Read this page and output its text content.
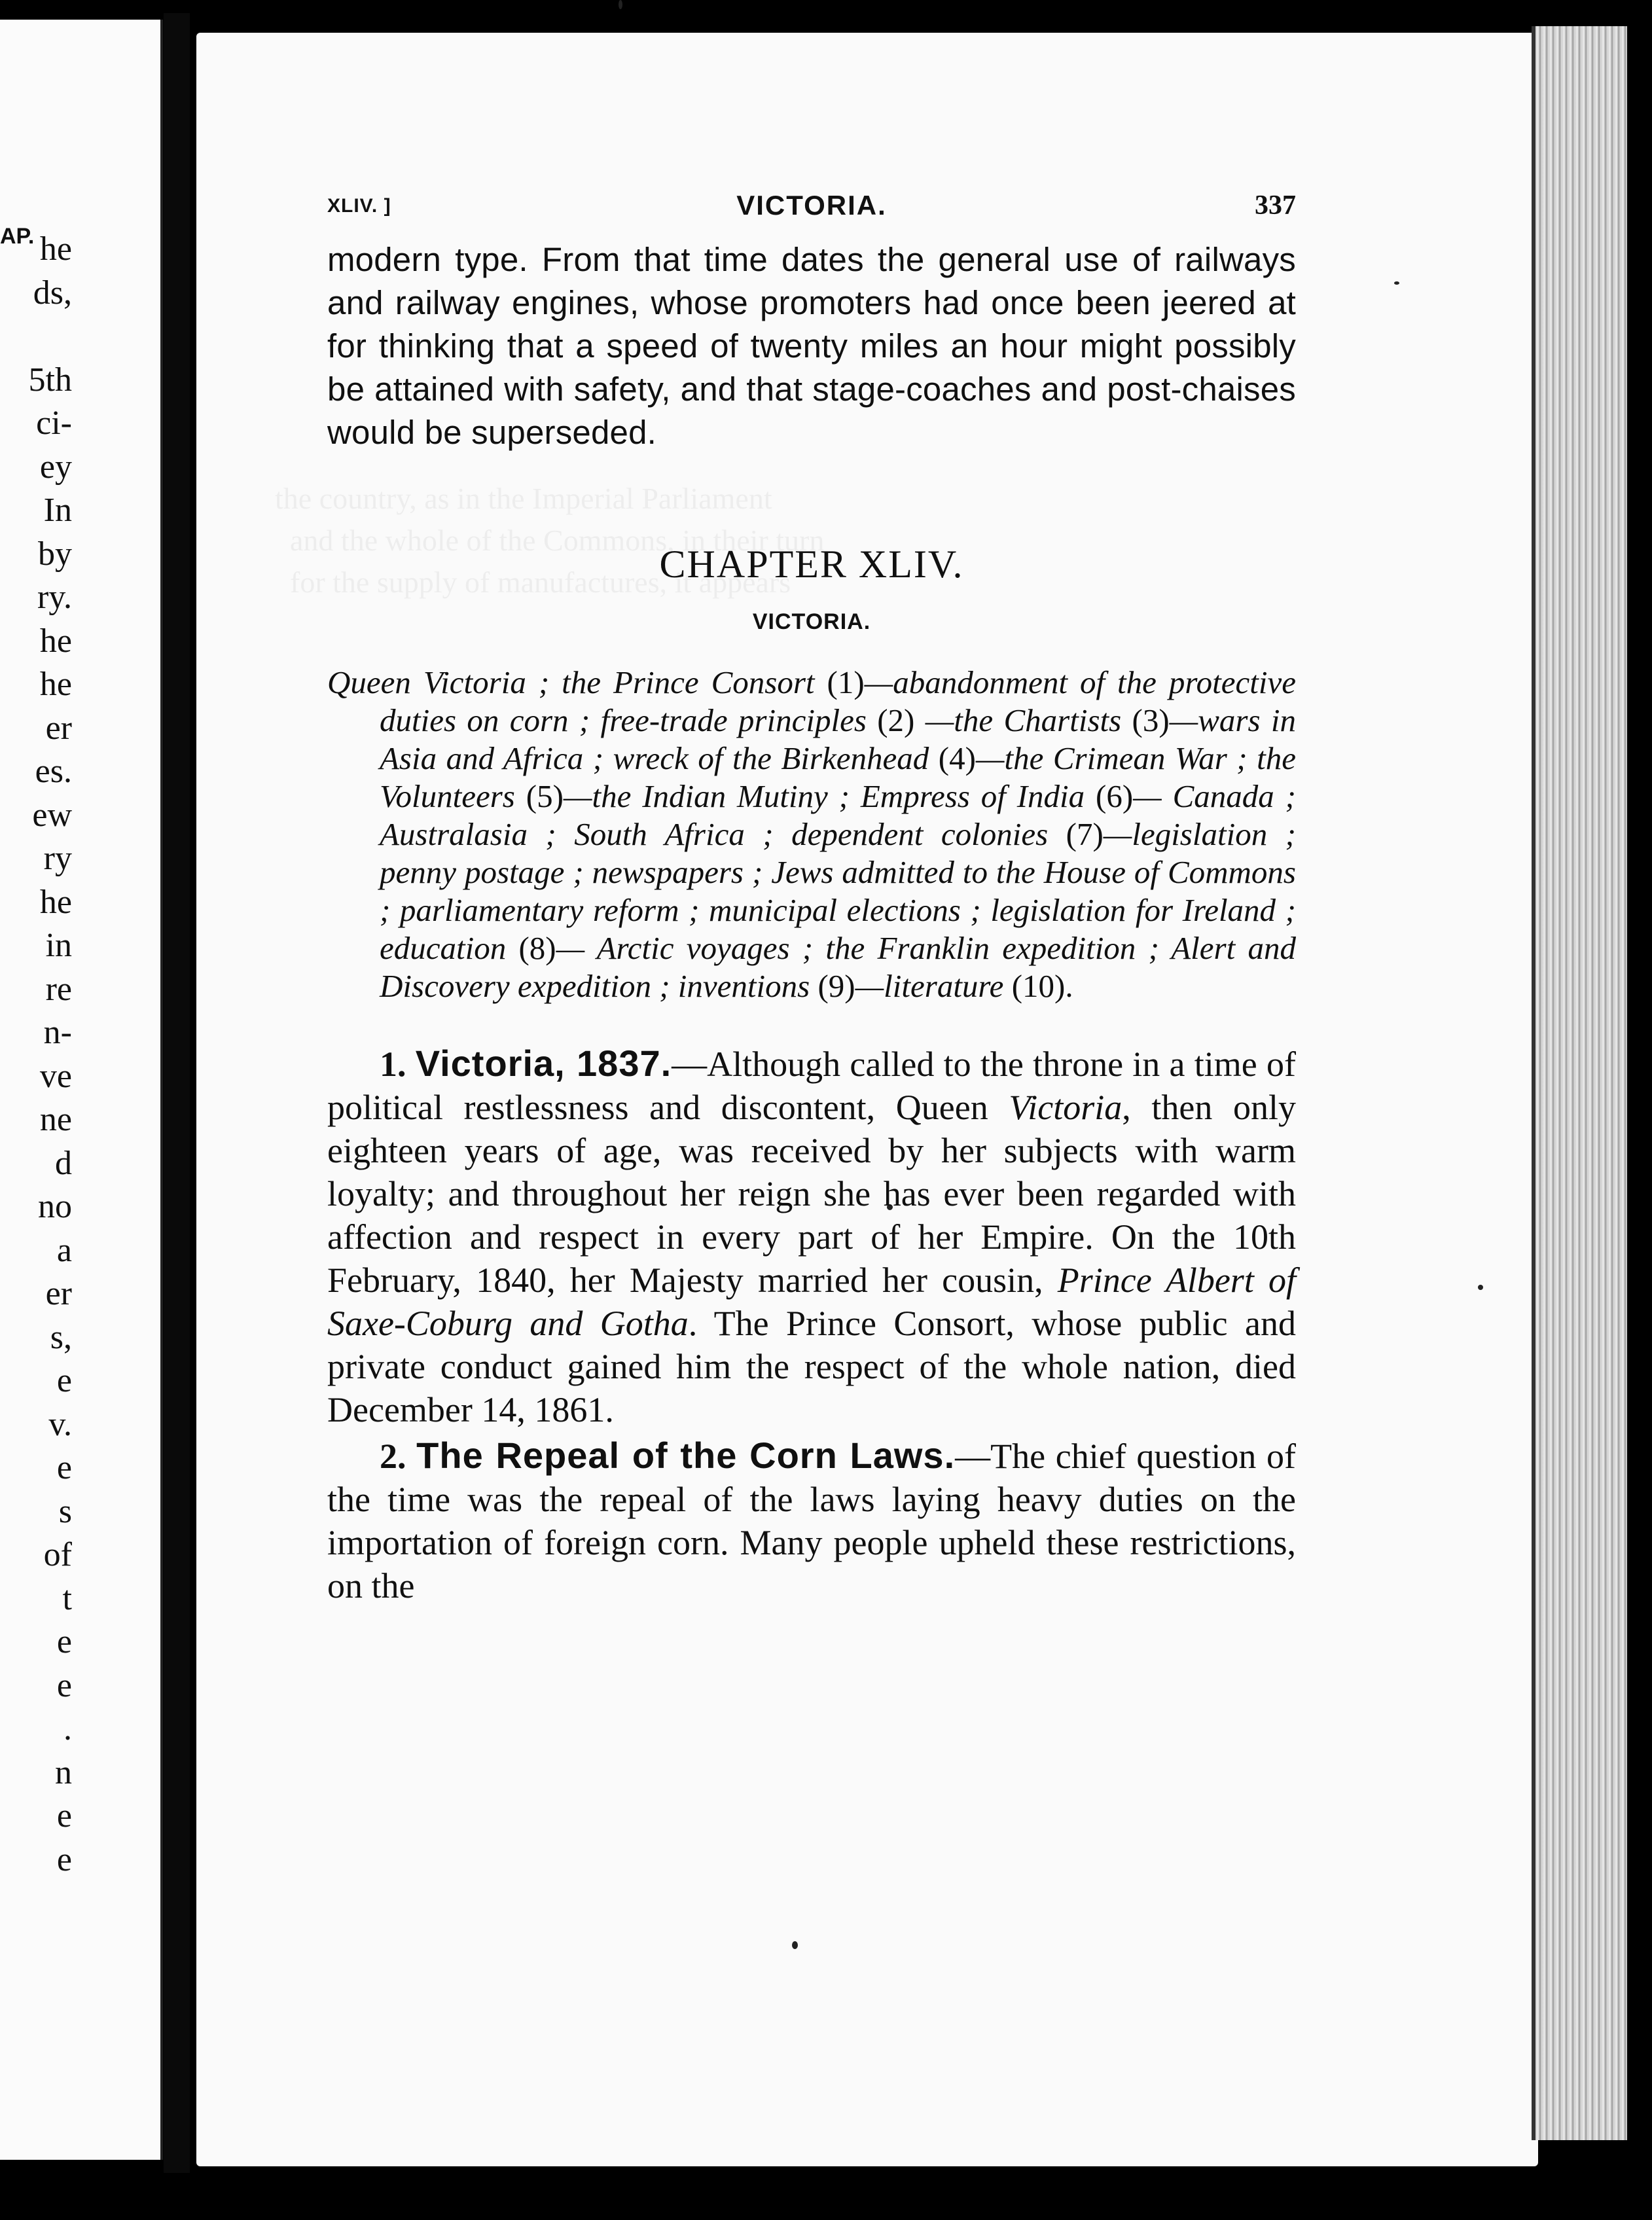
AP. he
ds,
5th
ci-
ey
In
by
ry.
he
he
er
es.
ew
ry
he
in
re
n-
ve
ne
d
no
a
er
s,
e
v.
e
s
of
t
e
e
.
n
e
e
the country, as in the Imperial Parliament
and the whole of the Commons, in their turn
for the supply of manufactures, it appears
XLIV. ]	VICTORIA.	337

modern type. From that time dates the general use of railways and railway engines, whose promoters had once been jeered at for thinking that a speed of twenty miles an hour might possibly be attained with safety, and that stage-coaches and post-chaises would be superseded.

CHAPTER XLIV.

VICTORIA.

Queen Victoria ; the Prince Consort (1)—abandonment of the protective duties on corn ; free-trade principles (2) —the Chartists (3)—wars in Asia and Africa ; wreck of the Birkenhead (4)—the Crimean War ; the Volunteers (5)—the Indian Mutiny ; Empress of India (6)— Canada ; Australasia ; South Africa ; dependent colonies (7)—legislation ; penny postage ; newspapers ; Jews admitted to the House of Commons ; parliamentary reform ; municipal elections ; legislation for Ireland ; education (8)— Arctic voyages ; the Franklin expedition ; Alert and Discovery expedition ; inventions (9)—literature (10).

1. Victoria, 1837.—Although called to the throne in a time of political restlessness and discontent, Queen Victoria, then only eighteen years of age, was received by her subjects with warm loyalty; and throughout her reign she has ever been regarded with affection and respect in every part of her Empire. On the 10th February, 1840, her Majesty married her cousin, Prince Albert of Saxe-Coburg and Gotha. The Prince Consort, whose public and private conduct gained him the respect of the whole nation, died December 14, 1861.

2. The Repeal of the Corn Laws.—The chief question of the time was the repeal of the laws laying heavy duties on the importation of foreign corn. Many people upheld these restrictions, on the
